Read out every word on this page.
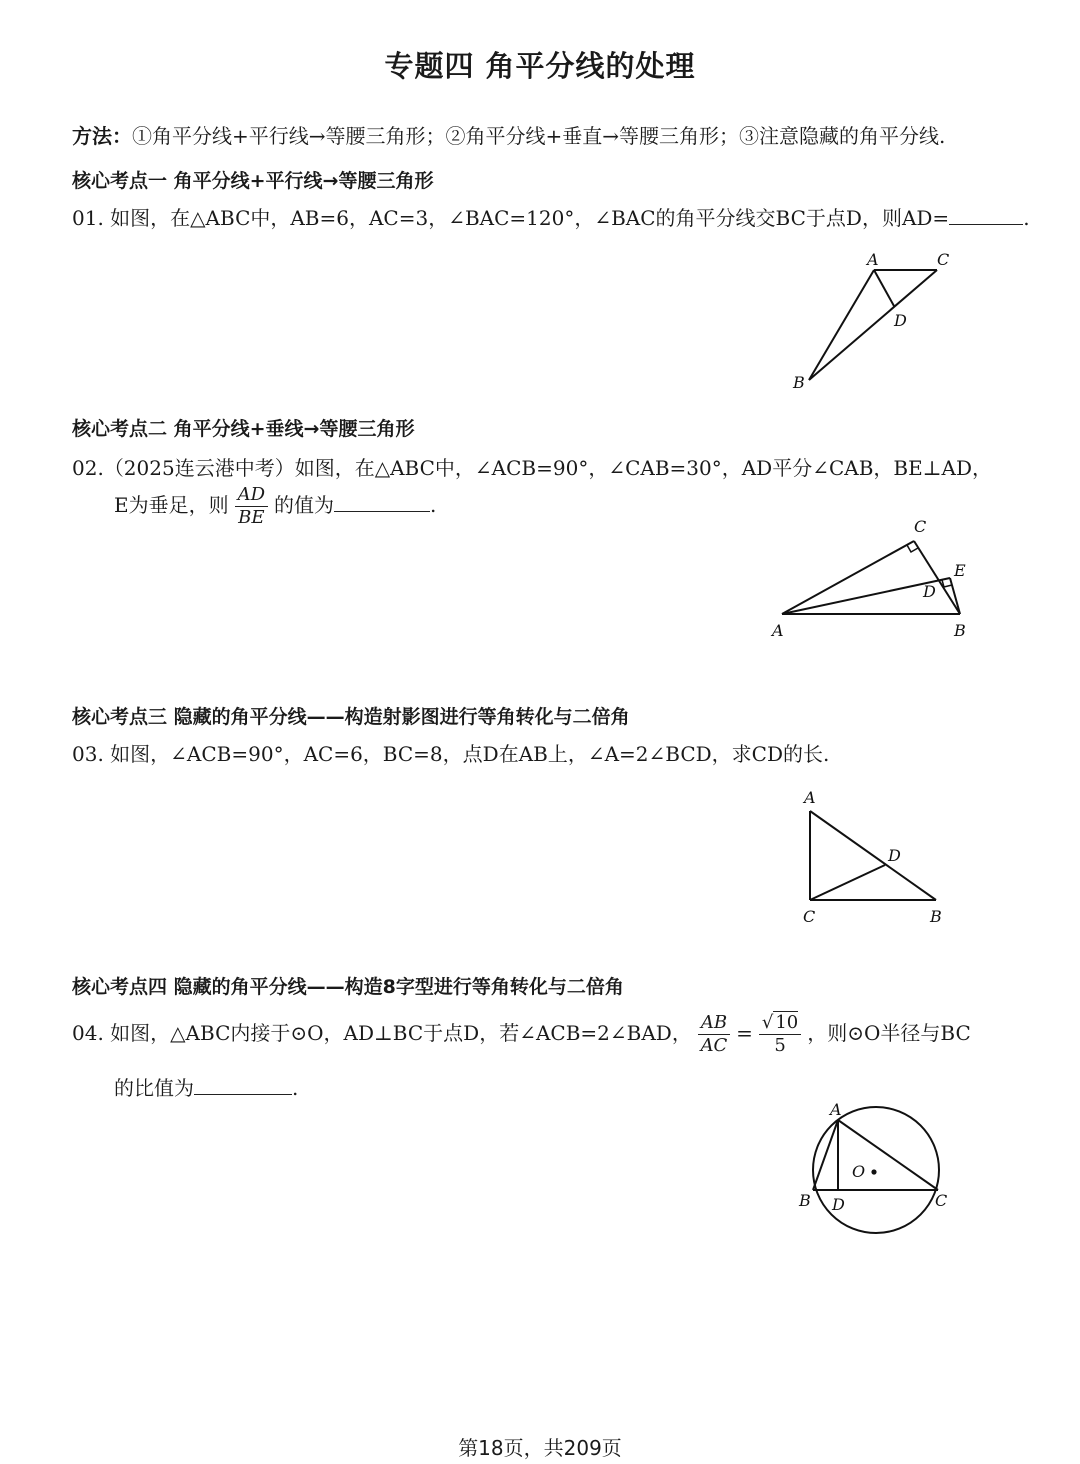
专题四 角平分线的处理
方法：①角平分线+平行线→等腰三角形；②角平分线+垂直→等腰三角形；③注意隐藏的角平分线.
核心考点一 角平分线+平行线→等腰三角形
01. 如图，在△ABC中，AB=6，AC=3，∠BAC=120°，∠BAC的角平分线交BC于点D，则AD=	.
A	C
D
B
核心考点二 角平分线+垂线→等腰三角形
02.（2025连云港中考）如图，在△ABC中，∠ACB=90°，∠CAB=30°，AD平分∠CAB，BE⊥AD，
E为垂足，则 $\frac{AD}{BE}$ 的值为	.
C
E
D
A	B
核心考点三 隐藏的角平分线——构造射影图进行等角转化与二倍角
03. 如图，∠ACB=90°，AC=6，BC=8，点D在AB上，∠A=2∠BCD，求CD的长.
A
D
C	B
核心考点四 隐藏的角平分线——构造8字型进行等角转化与二倍角
04. 如图，△ABC内接于⊙O，AD⊥BC于点D，若∠ACB=2∠BAD， $\frac{AB}{AC} = \frac{√ 10}{5}$ ，则⊙O半径与BC
的比值为	.
A
O
B D	C
第18页，共209页
